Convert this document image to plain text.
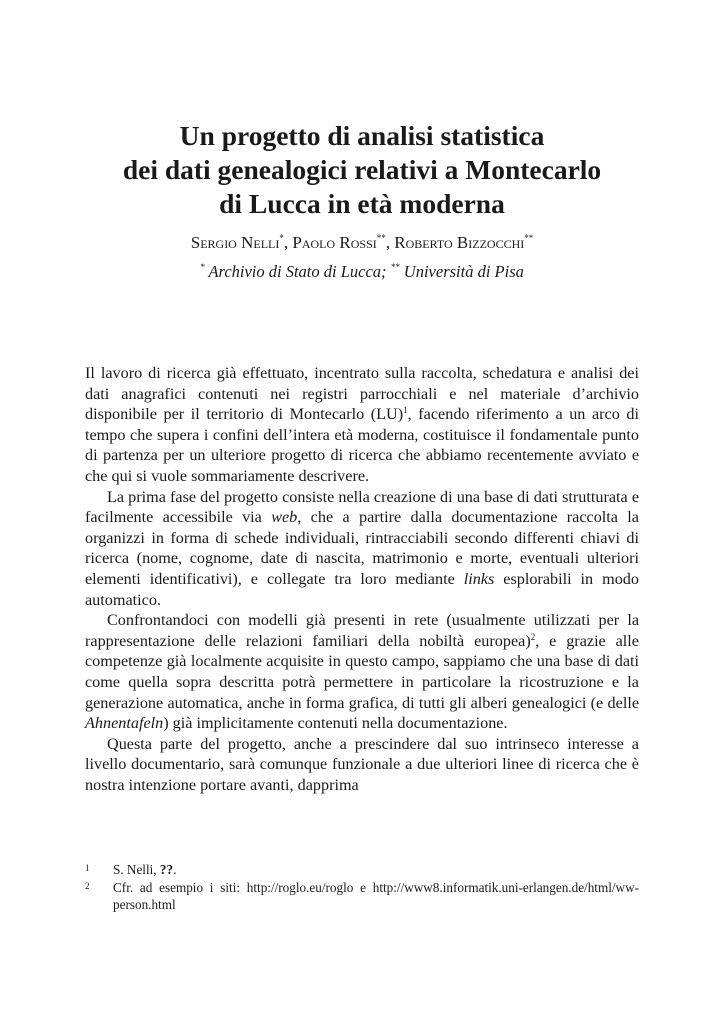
Un progetto di analisi statistica
dei dati genealogici relativi a Montecarlo
di Lucca in età moderna
Sergio Nelli*, Paolo Rossi**, Roberto Bizzocchi**
* Archivio di Stato di Lucca; ** Università di Pisa

Il lavoro di ricerca già effettuato, incentrato sulla raccolta, schedatura e analisi dei dati anagrafici contenuti nei registri parrocchiali e nel materiale d’archivio disponibile per il territorio di Montecarlo (LU)$^1$, facendo riferimento a un arco di tempo che supera i confini dell’intera età moderna, costituisce il fondamentale punto di partenza per un ulteriore progetto di ricerca che abbiamo recentemente avviato e che qui si vuole sommariamente descrivere.

La prima fase del progetto consiste nella creazione di una base di dati strutturata e facilmente accessibile via web, che a partire dalla documentazione raccolta la organizzi in forma di schede individuali, rintracciabili secondo differenti chiavi di ricerca (nome, cognome, date di nascita, matrimonio e morte, eventuali ulteriori elementi identificativi), e collegate tra loro mediante links esplorabili in modo automatico.

Confrontandoci con modelli già presenti in rete (usualmente utilizzati per la rappresentazione delle relazioni familiari della nobiltà europea)$^2$, e grazie alle competenze già localmente acquisite in questo campo, sappiamo che una base di dati come quella sopra descritta potrà permettere in particolare la ricostruzione e la generazione automatica, anche in forma grafica, di tutti gli alberi genealogici (e delle Ahnentafeln) già implicitamente contenuti nella documentazione.

Questa parte del progetto, anche a prescindere dal suo intrinseco interesse a livello documentario, sarà comunque funzionale a due ulteriori linee di ricerca che è nostra intenzione portare avanti, dapprima

1	S. Nelli, ??.
2	Cfr. ad esempio i siti: http://roglo.eu/roglo e http://www8.informatik.uni-erlangen.de/html/ww-person.html
